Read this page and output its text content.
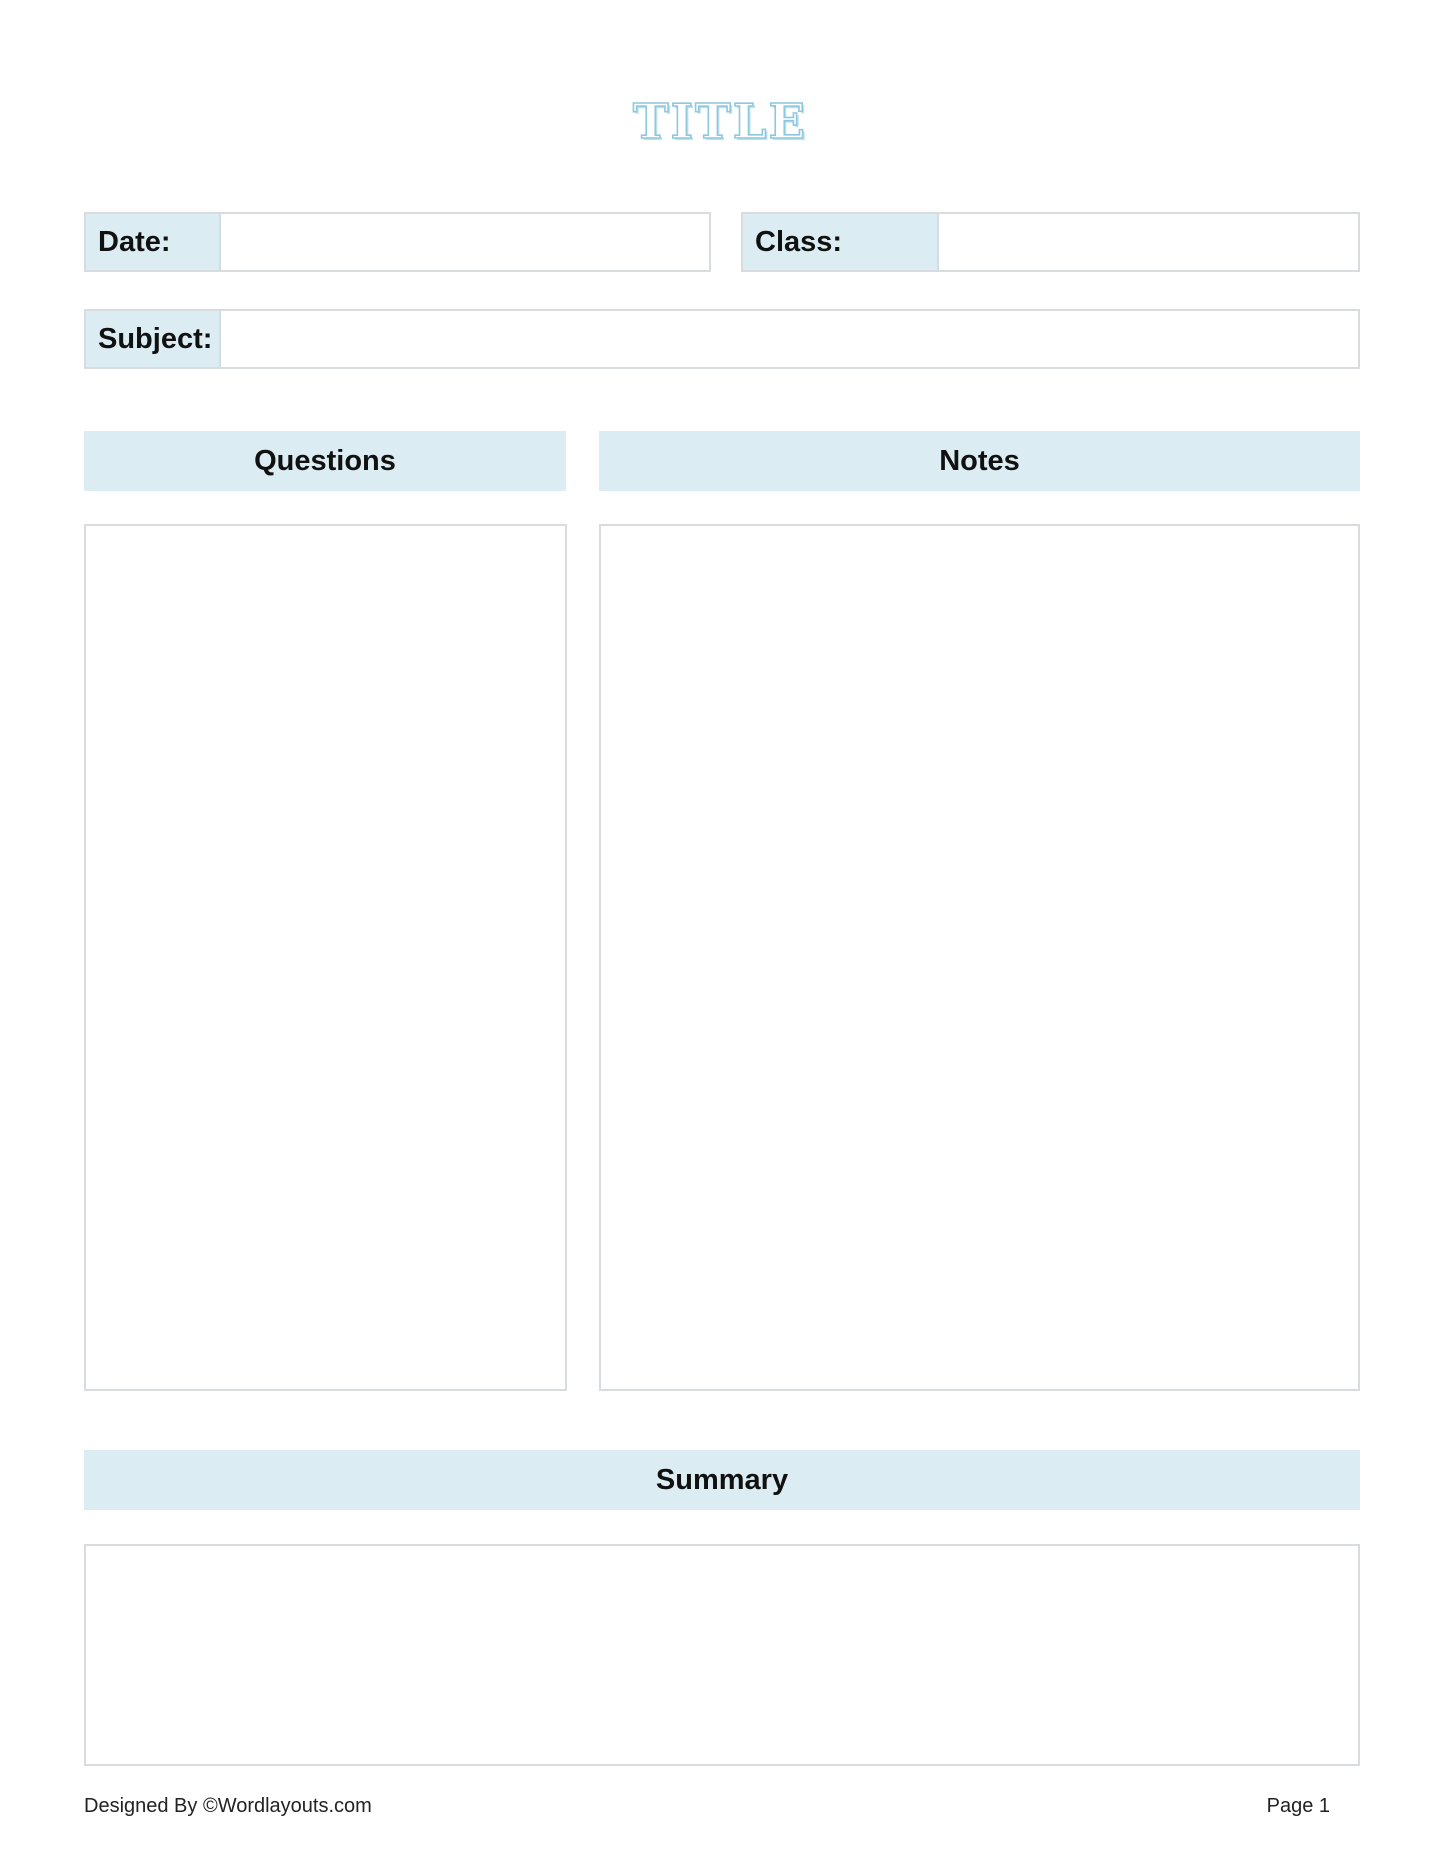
TITLE
Date:	Class:
Subject:
Questions	Notes
Summary
Designed By ©Wordlayouts.com	Page 1
